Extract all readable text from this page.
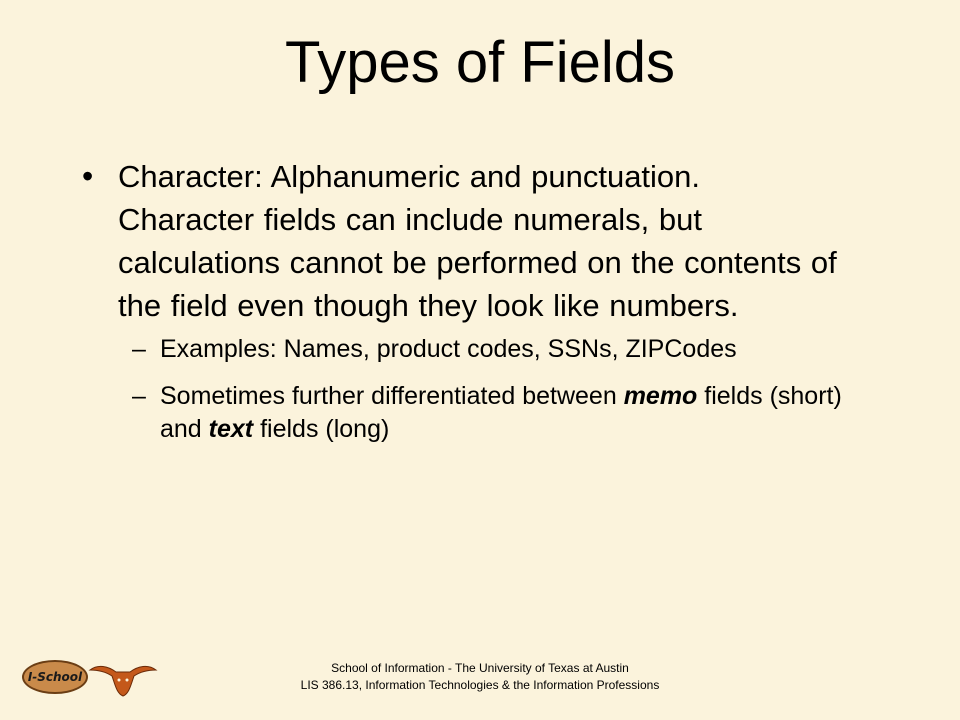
Types of Fields
• Character: Alphanumeric and punctuation. Character fields can include numerals, but calculations cannot be performed on the contents of the field even though they look like numbers.
– Examples: Names, product codes, SSNs, ZIPCodes
– Sometimes further differentiated between memo fields (short) and text fields (long)
I-School
School of Information - The University of Texas at Austin
LIS 386.13, Information Technologies & the Information Professions
